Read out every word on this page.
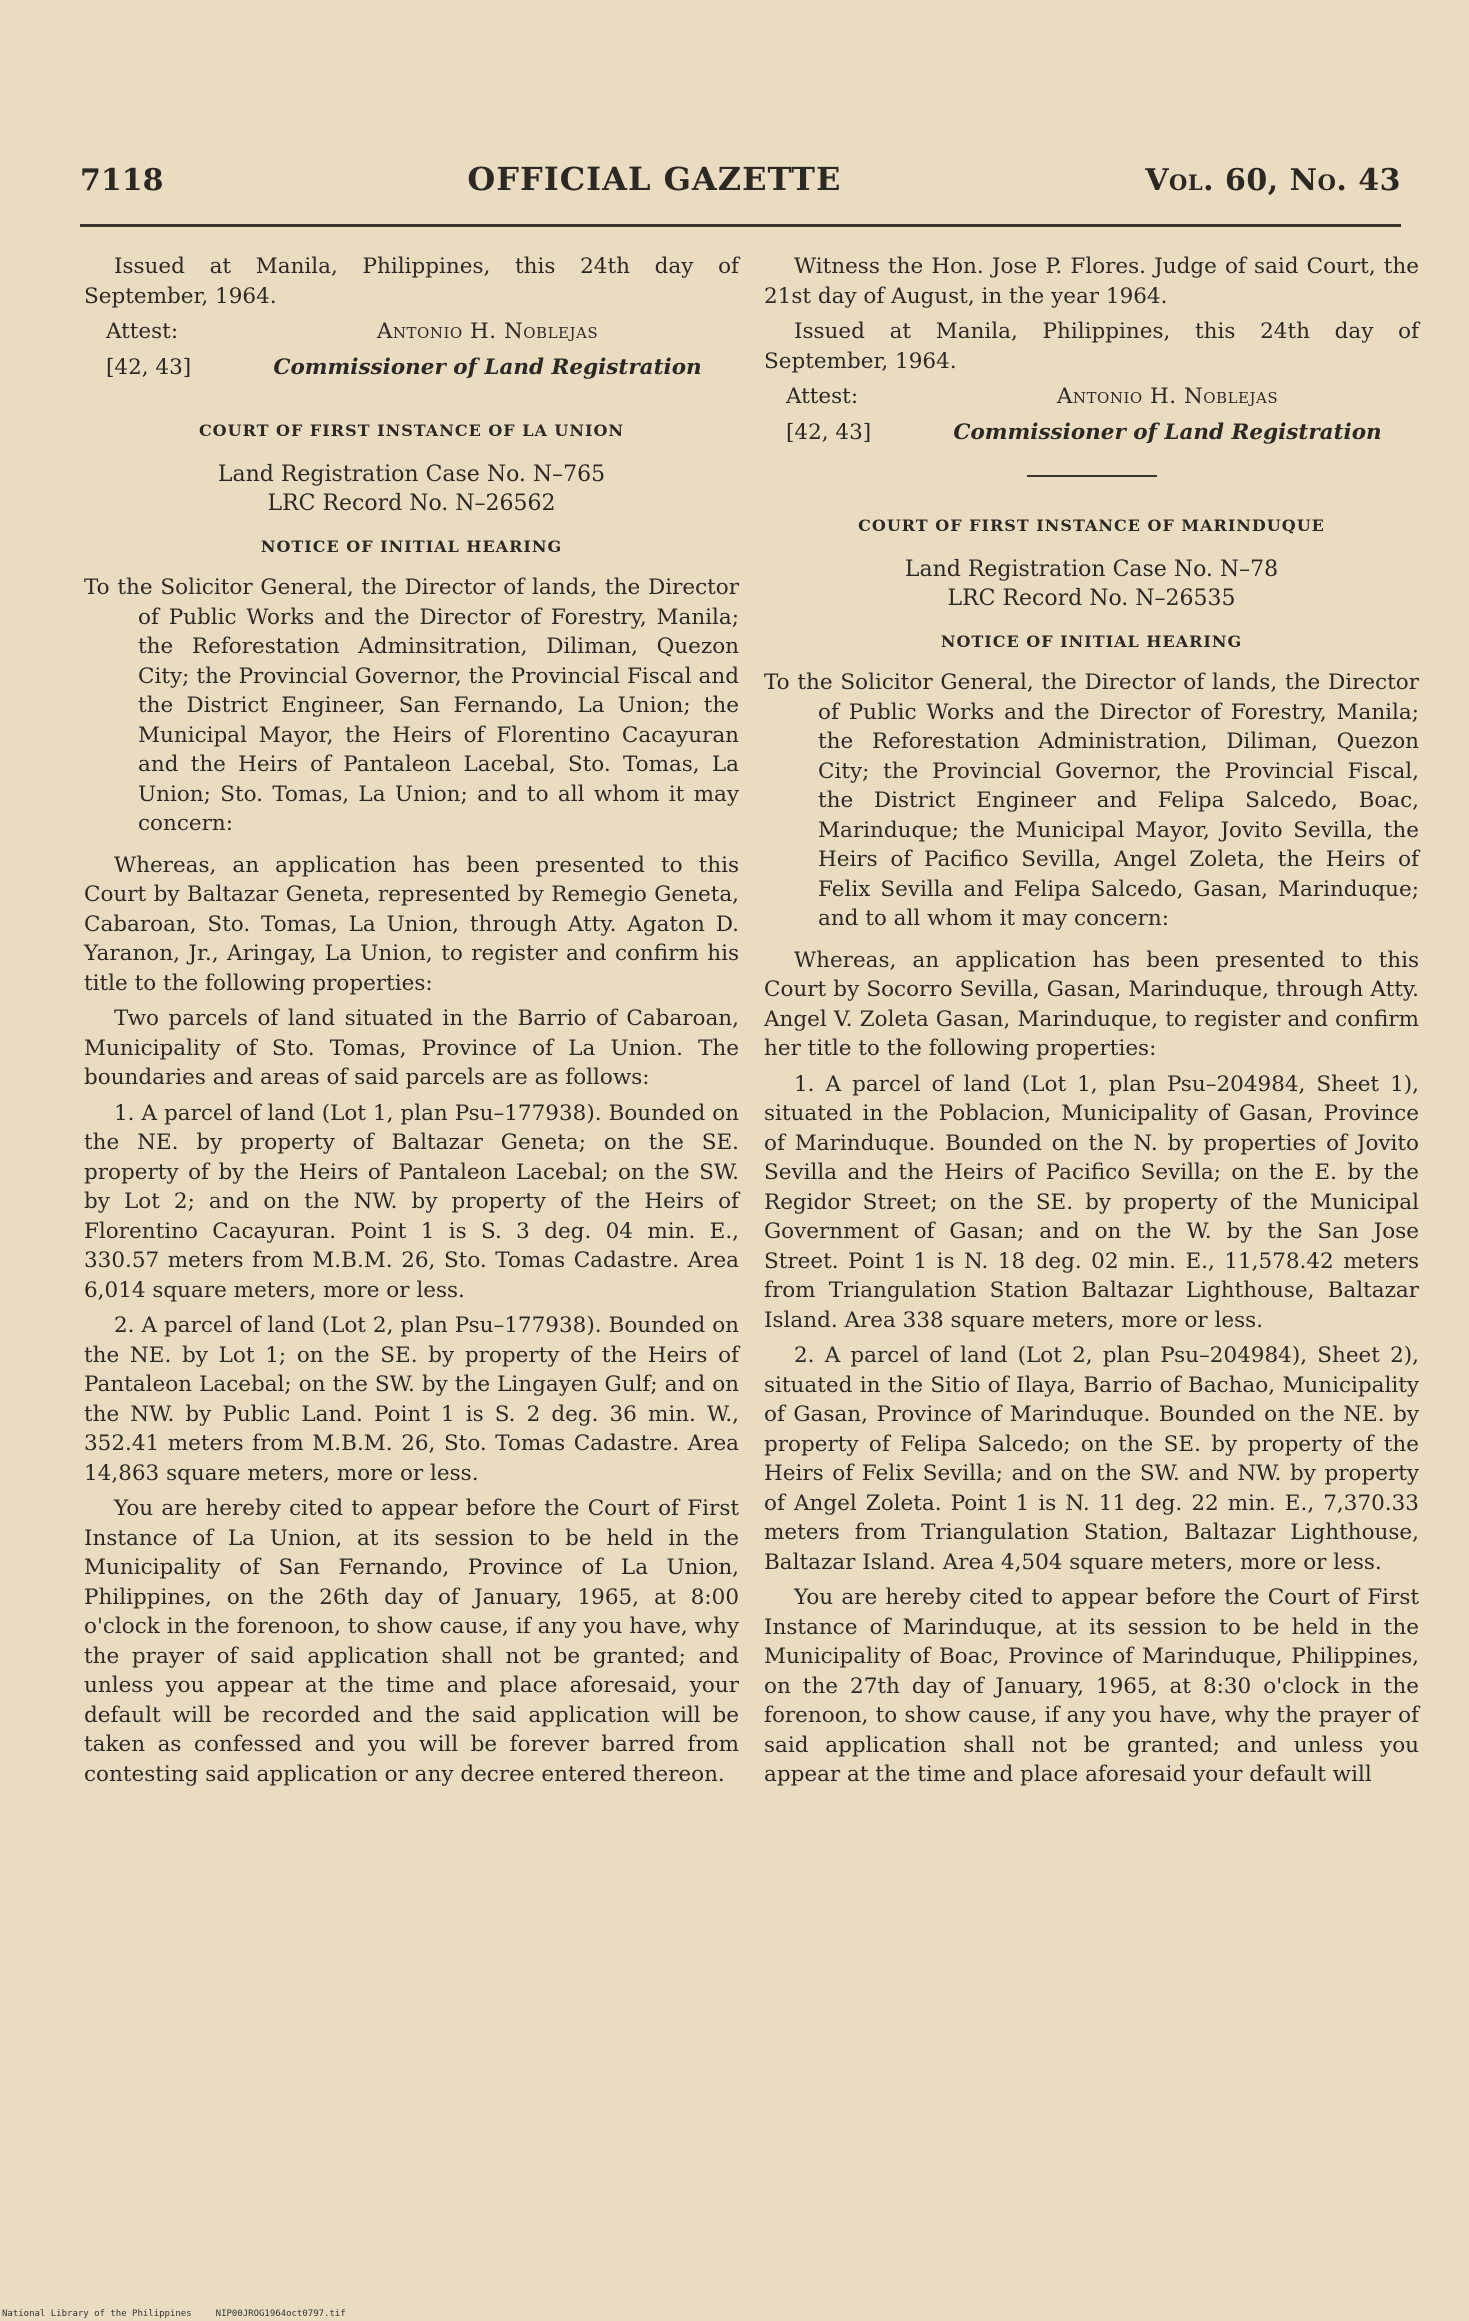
7118	OFFICIAL GAZETTE	Vol. 60, No. 43

Issued at Manila, Philippines, this 24th day of September, 1964.

Attest:	Antonio H. Noblejas
[42, 43]	Commissioner of Land Registration
COURT OF FIRST INSTANCE OF LA UNION

Land Registration Case No. N–765

LRC Record No. N–26562

NOTICE OF INITIAL HEARING

To the Solicitor General, the Director of lands, the Director of Public Works and the Director of Forestry, Manila; the Reforestation Adminsitration, Diliman, Quezon City; the Provincial Governor, the Provincial Fiscal and the District Engineer, San Fernando, La Union; the Municipal Mayor, the Heirs of Florentino Cacayuran and the Heirs of Pantaleon Lacebal, Sto. Tomas, La Union; Sto. Tomas, La Union; and to all whom it may concern:

Whereas, an application has been presented to this Court by Baltazar Geneta, represented by Remegio Geneta, Cabaroan, Sto. Tomas, La Union, through Atty. Agaton D. Yaranon, Jr., Aringay, La Union, to register and confirm his title to the following properties:

Two parcels of land situated in the Barrio of Cabaroan, Municipality of Sto. Tomas, Province of La Union. The boundaries and areas of said parcels are as follows:

1. A parcel of land (Lot 1, plan Psu–177938). Bounded on the NE. by property of Baltazar Geneta; on the SE. property of by the Heirs of Pantaleon Lacebal; on the SW. by Lot 2; and on the NW. by property of the Heirs of Florentino Cacayuran. Point 1 is S. 3 deg. 04 min. E., 330.57 meters from M.B.M. 26, Sto. Tomas Cadastre. Area 6,014 square meters, more or less.

2. A parcel of land (Lot 2, plan Psu–177938). Bounded on the NE. by Lot 1; on the SE. by property of the Heirs of Pantaleon Lacebal; on the SW. by the Lingayen Gulf; and on the NW. by Public Land. Point 1 is S. 2 deg. 36 min. W., 352.41 meters from M.B.M. 26, Sto. Tomas Cadastre. Area 14,863 square meters, more or less.

You are hereby cited to appear before the Court of First Instance of La Union, at its session to be held in the Municipality of San Fernando, Province of La Union, Philippines, on the 26th day of January, 1965, at 8:00 o'clock in the forenoon, to show cause, if any you have, why the prayer of said application shall not be granted; and unless you appear at the time and place aforesaid, your default will be recorded and the said application will be taken as confessed and you will be forever barred from contesting said application or any decree entered thereon.

Witness the Hon. Jose P. Flores. Judge of said Court, the 21st day of August, in the year 1964.

Issued at Manila, Philippines, this 24th day of September, 1964.

Attest:	Antonio H. Noblejas
[42, 43]	Commissioner of Land Registration
COURT OF FIRST INSTANCE OF MARINDUQUE

Land Registration Case No. N–78

LRC Record No. N–26535

NOTICE OF INITIAL HEARING

To the Solicitor General, the Director of lands, the Director of Public Works and the Director of Forestry, Manila; the Reforestation Administration, Diliman, Quezon City; the Provincial Governor, the Provincial Fiscal, the District Engineer and Felipa Salcedo, Boac, Marinduque; the Municipal Mayor, Jovito Sevilla, the Heirs of Pacifico Sevilla, Angel Zoleta, the Heirs of Felix Sevilla and Felipa Salcedo, Gasan, Marinduque; and to all whom it may concern:

Whereas, an application has been presented to this Court by Socorro Sevilla, Gasan, Marinduque, through Atty. Angel V. Zoleta Gasan, Marinduque, to register and confirm her title to the following properties:

1. A parcel of land (Lot 1, plan Psu–204984, Sheet 1), situated in the Poblacion, Municipality of Gasan, Province of Marinduque. Bounded on the N. by properties of Jovito Sevilla and the Heirs of Pacifico Sevilla; on the E. by the Regidor Street; on the SE. by property of the Municipal Government of Gasan; and on the W. by the San Jose Street. Point 1 is N. 18 deg. 02 min. E., 11,578.42 meters from Triangulation Station Baltazar Lighthouse, Baltazar Island. Area 338 square meters, more or less.

2. A parcel of land (Lot 2, plan Psu–204984), Sheet 2), situated in the Sitio of Ilaya, Barrio of Bachao, Municipality of Gasan, Province of Marinduque. Bounded on the NE. by property of Felipa Salcedo; on the SE. by property of the Heirs of Felix Sevilla; and on the SW. and NW. by property of Angel Zoleta. Point 1 is N. 11 deg. 22 min. E., 7,370.33 meters from Triangulation Station, Baltazar Lighthouse, Baltazar Island. Area 4,504 square meters, more or less.

You are hereby cited to appear before the Court of First Instance of Marinduque, at its session to be held in the Municipality of Boac, Province of Marinduque, Philippines, on the 27th day of January, 1965, at 8:30 o'clock in the forenoon, to show cause, if any you have, why the prayer of said application shall not be granted; and unless you appear at the time and place aforesaid your default will

National Library of the Philippines	NIP00JROG1964oct0797.tif
